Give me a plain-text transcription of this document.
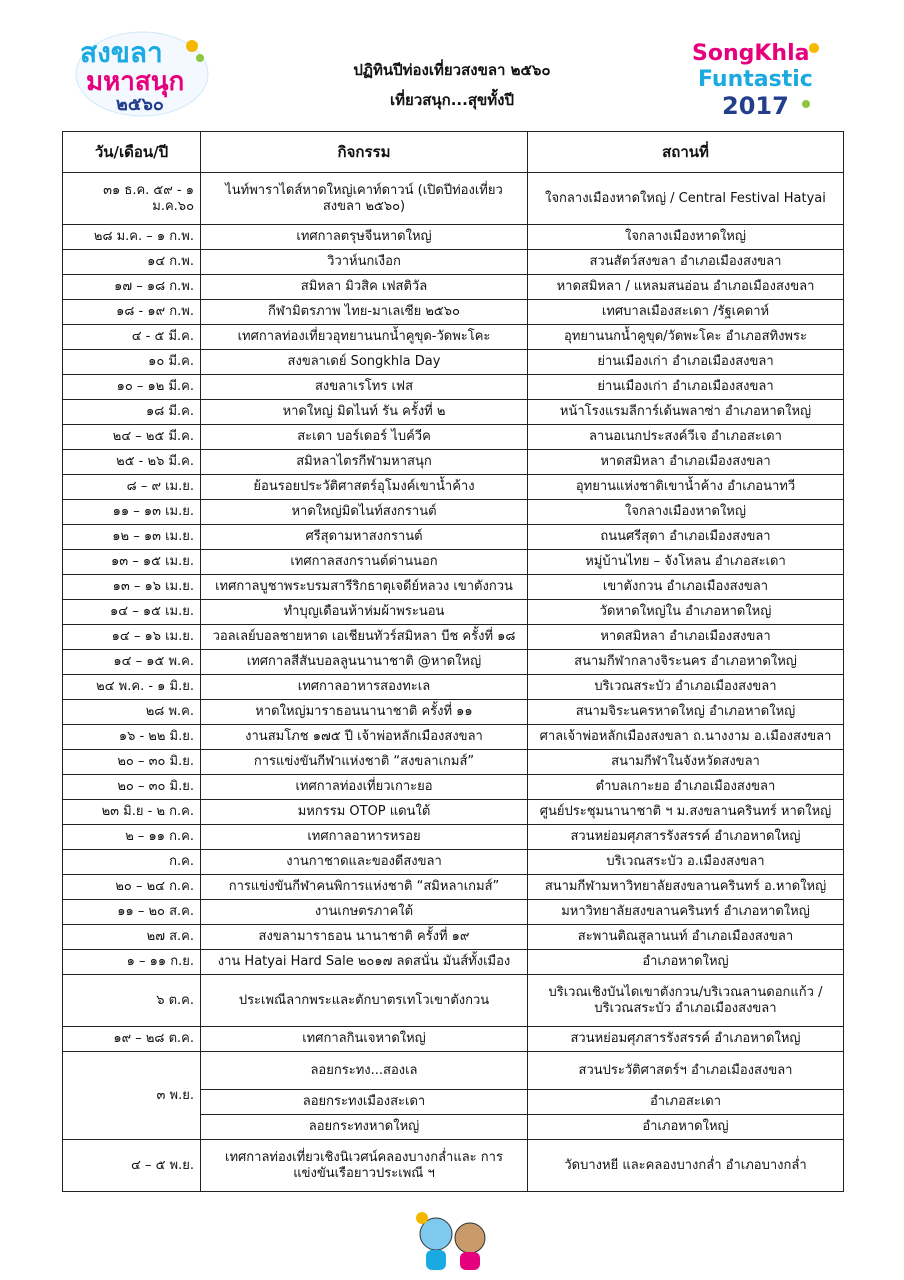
สงขลา
มหาสนุก
๒๕๖๐

ปฏิทินปีท่องเที่ยวสงขลา ๒๕๖๐

เที่ยวสนุก...สุขทั้งปี

SongKhla
Funtastic
2017
วัน/เดือน/ปี	กิจกรรม	สถานที่
๓๑ ธ.ค. ๕๙ - ๑ ม.ค.๖๐	ไนท์พาราไดส์หาดใหญ่เคาท์ดาวน์ (เปิดปีท่องเที่ยวสงขลา ๒๕๖๐)	ใจกลางเมืองหาดใหญ่ / Central Festival Hatyai
๒๘ ม.ค. – ๑ ก.พ.	เทศกาลตรุษจีนหาดใหญ่	ใจกลางเมืองหาดใหญ่
๑๔ ก.พ.	วิวาห์นกเงือก	สวนสัตว์สงขลา อำเภอเมืองสงขลา
๑๗ – ๑๘ ก.พ.	สมิหลา มิวสิค เฟสติวัล	หาดสมิหลา / แหลมสนอ่อน อำเภอเมืองสงขลา
๑๘ - ๑๙ ก.พ.	กีฬามิตรภาพ ไทย-มาเลเซีย ๒๕๖๐	เทศบาลเมืองสะเดา /รัฐเคดาห์
๔ - ๕ มี.ค.	เทศกาลท่องเที่ยวอุทยานนกน้ำคูขุด-วัดพะโคะ	อุทยานนกน้ำคูขุด/วัดพะโคะ อำเภอสทิงพระ
๑๐ มี.ค.	สงขลาเดย์ Songkhla Day	ย่านเมืองเก่า อำเภอเมืองสงขลา
๑๐ – ๑๒ มี.ค.	สงขลาเรโทร เฟส	ย่านเมืองเก่า อำเภอเมืองสงขลา
๑๘ มี.ค.	หาดใหญ่ มิดไนท์ รัน ครั้งที่ ๒	หน้าโรงแรมลีการ์เด้นพลาซ่า อำเภอหาดใหญ่
๒๔ – ๒๕ มี.ค.	สะเดา บอร์เดอร์ ไบค์วีค	ลานอเนกประสงค์วีเจ อำเภอสะเดา
๒๕ - ๒๖ มี.ค.	สมิหลาไตรกีฬามหาสนุก	หาดสมิหลา อำเภอเมืองสงขลา
๘ – ๙ เม.ย.	ย้อนรอยประวัติศาสตร์อุโมงค์เขาน้ำค้าง	อุทยานแห่งชาติเขาน้ำค้าง อำเภอนาทวี
๑๑ – ๑๓ เม.ย.	หาดใหญ่มิดไนท์สงกรานต์	ใจกลางเมืองหาดใหญ่
๑๒ – ๑๓ เม.ย.	ศรีสุดามหาสงกรานต์	ถนนศรีสุดา อำเภอเมืองสงขลา
๑๓ – ๑๕ เม.ย.	เทศกาลสงกรานต์ด่านนอก	หมู่บ้านไทย – จังโหลน อำเภอสะเดา
๑๓ – ๑๖ เม.ย.	เทศกาลบูชาพระบรมสารีริกธาตุเจดีย์หลวง เขาตังกวน	เขาตังกวน อำเภอเมืองสงขลา
๑๔ – ๑๕ เม.ย.	ทำบุญเดือนห้าห่มผ้าพระนอน	วัดหาดใหญ่ใน อำเภอหาดใหญ่
๑๔ – ๑๖ เม.ย.	วอลเลย์บอลชายหาด เอเชียนทัวร์สมิหลา บีช ครั้งที่ ๑๘	หาดสมิหลา อำเภอเมืองสงขลา
๑๔ – ๑๕ พ.ค.	เทศกาลสีสันบอลลูนนานาชาติ @หาดใหญ่	สนามกีฬากลางจิระนคร อำเภอหาดใหญ่
๒๔ พ.ค. - ๑ มิ.ย.	เทศกาลอาหารสองทะเล	บริเวณสระบัว อำเภอเมืองสงขลา
๒๘ พ.ค.	หาดใหญ่มาราธอนนานาชาติ ครั้งที่ ๑๑	สนามจิระนครหาดใหญ่ อำเภอหาดใหญ่
๑๖ - ๒๒ มิ.ย.	งานสมโภช ๑๗๕ ปี เจ้าพ่อหลักเมืองสงขลา	ศาลเจ้าพ่อหลักเมืองสงขลา ถ.นางงาม อ.เมืองสงขลา
๒๐ – ๓๐ มิ.ย.	การแข่งขันกีฬาแห่งชาติ “สงขลาเกมส์”	สนามกีฬาในจังหวัดสงขลา
๒๐ – ๓๐ มิ.ย.	เทศกาลท่องเที่ยวเกาะยอ	ตำบลเกาะยอ อำเภอเมืองสงขลา
๒๓ มิ.ย - ๒ ก.ค.	มหกรรม OTOP แดนใต้	ศูนย์ประชุมนานาชาติ ฯ ม.สงขลานครินทร์ หาดใหญ่
๒ – ๑๑ ก.ค.	เทศกาลอาหารหรอย	สวนหย่อมศุภสารรังสรรค์ อำเภอหาดใหญ่
ก.ค.	งานกาชาดและของดีสงขลา	บริเวณสระบัว อ.เมืองสงขลา
๒๐ – ๒๔ ก.ค.	การแข่งขันกีฬาคนพิการแห่งชาติ “สมิหลาเกมส์”	สนามกีฬามหาวิทยาลัยสงขลานครินทร์ อ.หาดใหญ่
๑๑ – ๒๐ ส.ค.	งานเกษตรภาคใต้	มหาวิทยาลัยสงขลานครินทร์ อำเภอหาดใหญ่
๒๗ ส.ค.	สงขลามาราธอน นานาชาติ ครั้งที่ ๑๙	สะพานติณสูลานนท์ อำเภอเมืองสงขลา
๑ – ๑๑ ก.ย.	งาน Hatyai Hard Sale ๒๐๑๗ ลดสนั่น มันส์ทั้งเมือง	อำเภอหาดใหญ่
๖ ต.ค.	ประเพณีลากพระและตักบาตรเทโวเขาตังกวน	บริเวณเชิงบันไดเขาตังกวน/บริเวณลานดอกแก้ว /บริเวณสระบัว อำเภอเมืองสงขลา
๑๙ – ๒๘ ต.ค.	เทศกาลกินเจหาดใหญ่	สวนหย่อมศุภสารรังสรรค์ อำเภอหาดใหญ่
๓ พ.ย.	ลอยกระทง...สองเล	สวนประวัติศาสตร์ฯ อำเภอเมืองสงขลา
	ลอยกระทงเมืองสะเดา	อำเภอสะเดา
	ลอยกระทงหาดใหญ่	อำเภอหาดใหญ่
๔ – ๕ พ.ย.	เทศกาลท่องเที่ยวเชิงนิเวศน์คลองบางกล่ำและ การแข่งขันเรือยาวประเพณี ฯ	วัดบางหยี และคลองบางกล่ำ อำเภอบางกล่ำ
